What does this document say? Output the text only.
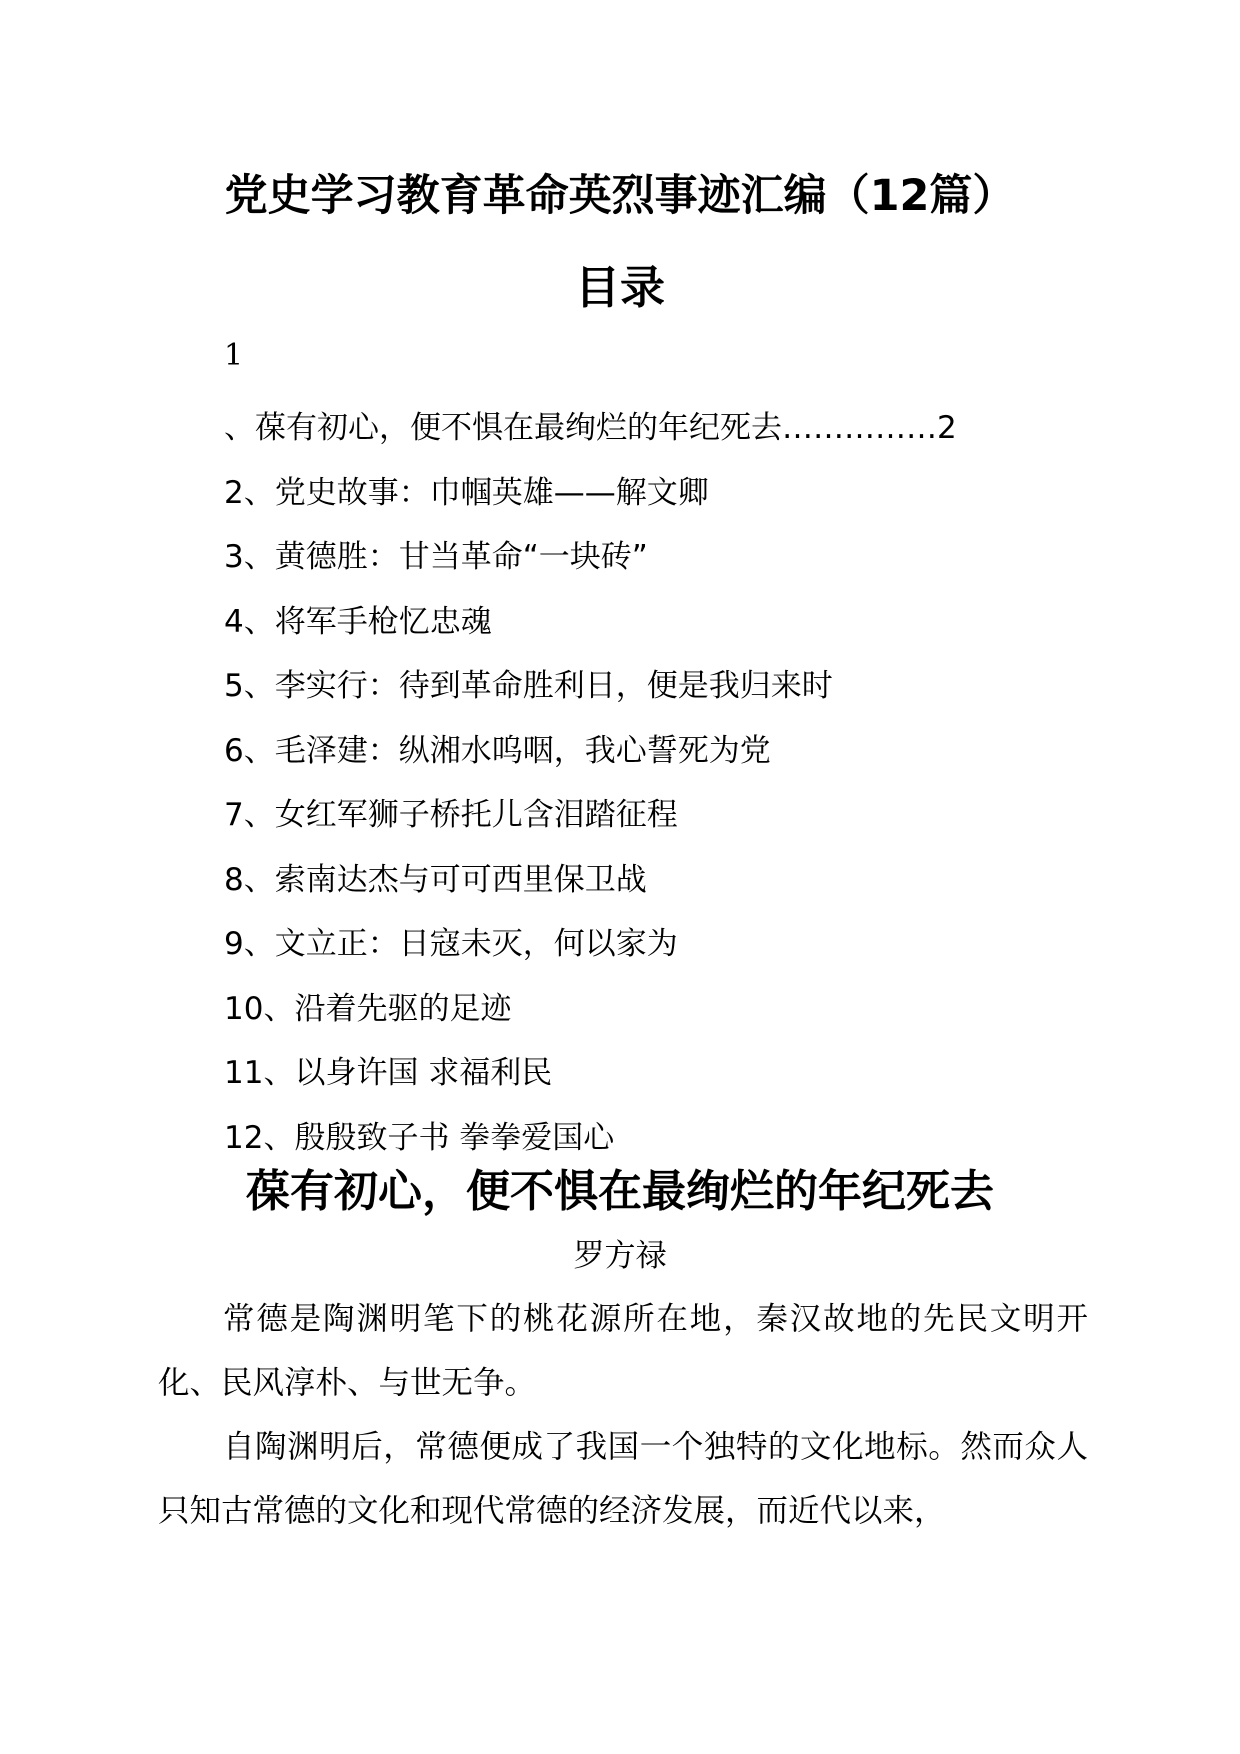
党史学习教育革命英烈事迹汇编（12篇）
目录
1
、葆有初心，便不惧在最绚烂的年纪死去……………2
2、党史故事：巾帼英雄——解文卿
3、黄德胜：甘当革命“一块砖”
4、将军手枪忆忠魂
5、李实行：待到革命胜利日，便是我归来时
6、毛泽建：纵湘水呜咽，我心誓死为党
7、女红军狮子桥托儿含泪踏征程
8、索南达杰与可可西里保卫战
9、文立正：日寇未灭，何以家为
10、沿着先驱的足迹
11、以身许国 求福利民
12、殷殷致子书 拳拳爱国心
葆有初心，便不惧在最绚烂的年纪死去
罗方禄

常德是陶渊明笔下的桃花源所在地，秦汉故地的先民文明开化、民风淳朴、与世无争。

自陶渊明后，常德便成了我国一个独特的文化地标。然而众人只知古常德的文化和现代常德的经济发展，而近代以来，
